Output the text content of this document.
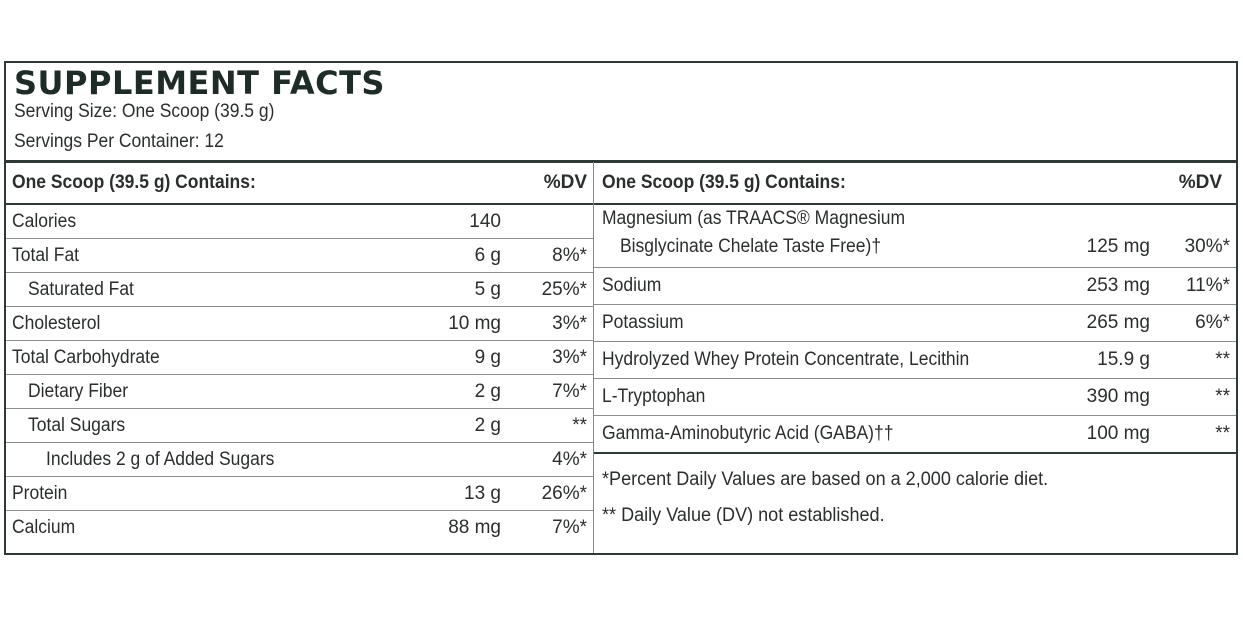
SUPPLEMENT FACTS
Serving Size: One Scoop (39.5 g)
Servings Per Container: 12
One Scoop (39.5 g) Contains:	%DV
Calories	140
Total Fat	6 g	8%*
Saturated Fat	5 g 25%*
Cholesterol	10 mg	3%*
Total Carbohydrate	9 g	3%*
Dietary Fiber	2 g	7%*
Total Sugars	2 g	**
Includes 2 g of Added Sugars	4%*
Protein	13 g 26%*
Calcium	88 mg	7%*
One Scoop (39.5 g) Contains:	%DV
Magnesium (as TRAACS® Magnesium
Bisglycinate Chelate Taste Free)†	125 mg 30%*
Sodium	253 mg 11%*
Potassium	265 mg 6%*
Hydrolyzed Whey Protein Concentrate, Lecithin	15.9 g	**
L-Tryptophan	390 mg	**
Gamma-Aminobutyric Acid (GABA)††	100 mg	**

*Percent Daily Values are based on a 2,000 calorie diet.

** Daily Value (DV) not established.
